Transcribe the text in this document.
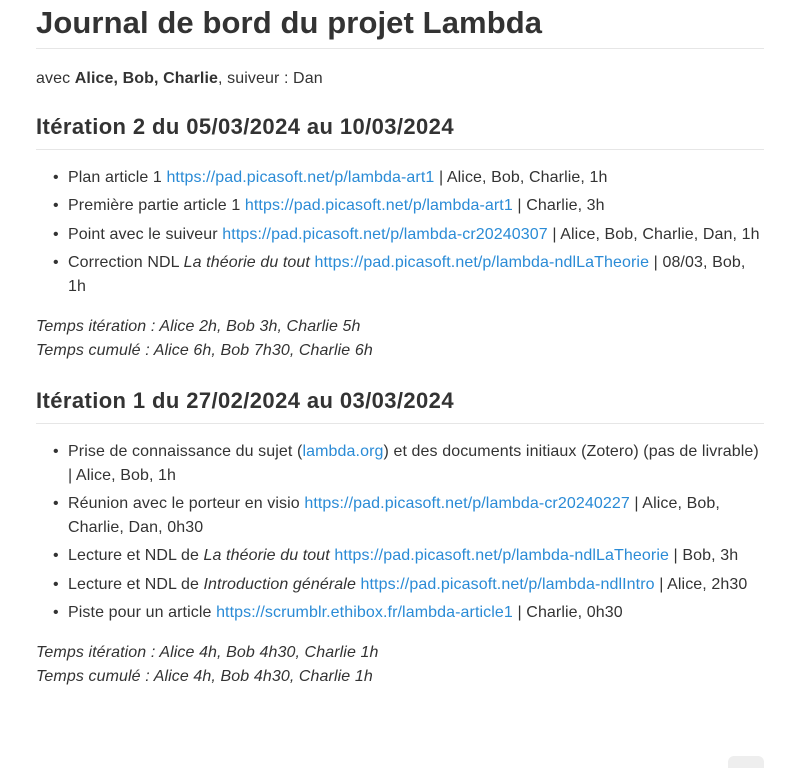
Journal de bord du projet Lambda

avec Alice, Bob, Charlie, suiveur : Dan

Itération 2 du 05/03/2024 au 10/03/2024
• Plan article 1 https://pad.picasoft.net/p/lambda-art1 | Alice, Bob, Charlie, 1h
• Première partie article 1 https://pad.picasoft.net/p/lambda-art1 | Charlie, 3h
• Point avec le suiveur https://pad.picasoft.net/p/lambda-cr20240307 | Alice, Bob, Charlie, Dan, 1h
• Correction NDL La théorie du tout https://pad.picasoft.net/p/lambda-ndlLaTheorie | 08/03, Bob, 1h

Temps itération : Alice 2h, Bob 3h, Charlie 5h
Temps cumulé : Alice 6h, Bob 7h30, Charlie 6h

Itération 1 du 27/02/2024 au 03/03/2024
• Prise de connaissance du sujet (lambda.org) et des documents initiaux (Zotero) (pas de livrable) | Alice, Bob, 1h
• Réunion avec le porteur en visio https://pad.picasoft.net/p/lambda-cr20240227 | Alice, Bob, Charlie, Dan, 0h30
• Lecture et NDL de La théorie du tout https://pad.picasoft.net/p/lambda-ndlLaTheorie | Bob, 3h
• Lecture et NDL de Introduction générale https://pad.picasoft.net/p/lambda-ndlIntro | Alice, 2h30
• Piste pour un article https://scrumblr.ethibox.fr/lambda-article1 | Charlie, 0h30

Temps itération : Alice 4h, Bob 4h30, Charlie 1h
Temps cumulé : Alice 4h, Bob 4h30, Charlie 1h
